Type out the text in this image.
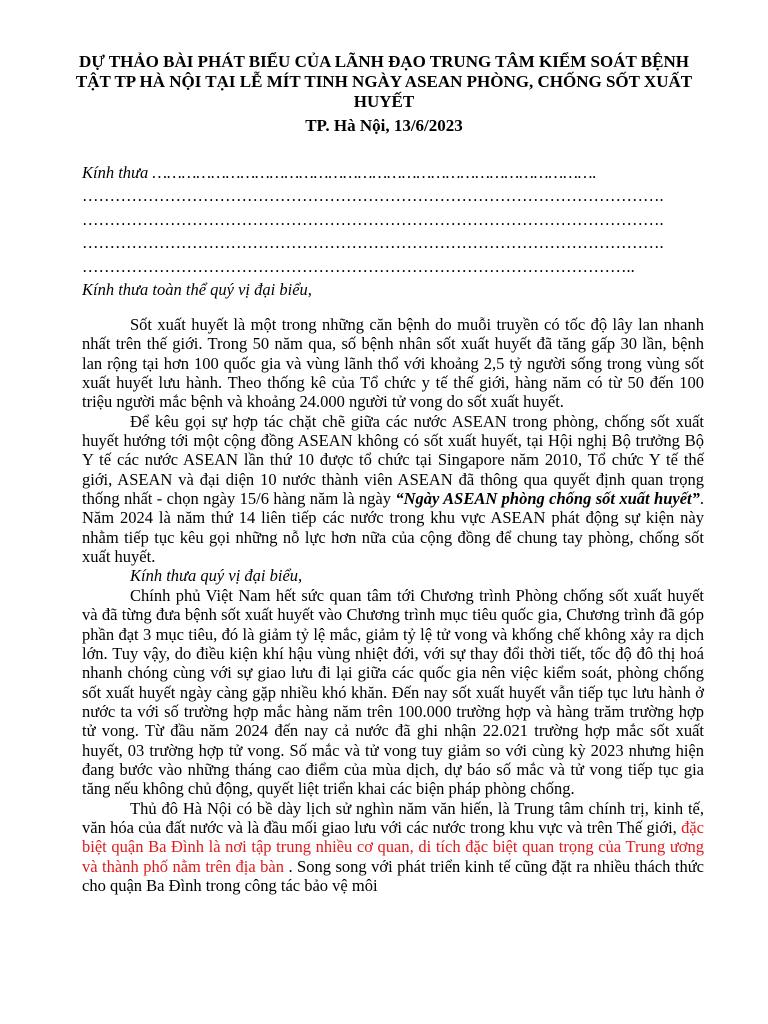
DỰ THẢO BÀI PHÁT BIỂU CỦA LÃNH ĐẠO TRUNG TÂM KIỂM SOÁT BỆNH TẬT TP HÀ NỘI TẠI LỄ MÍT TINH NGÀY ASEAN PHÒNG, CHỐNG SỐT XUẤT HUYẾT
TP. Hà Nội, 13/6/2023
Kính thưa ……………………………………………………………………………….
…………………………………………………………………………………………….
…………………………………………………………………………………………….
…………………………………………………………………………………………….
………………………………………………………………………………………..
Kính thưa toàn thể quý vị đại biểu,

Sốt xuất huyết là một trong những căn bệnh do muỗi truyền có tốc độ lây lan nhanh nhất trên thế giới. Trong 50 năm qua, số bệnh nhân sốt xuất huyết đã tăng gấp 30 lần, bệnh lan rộng tại hơn 100 quốc gia và vùng lãnh thổ với khoảng 2,5 tỷ người sống trong vùng sốt xuất huyết lưu hành. Theo thống kê của Tổ chức y tế thế giới, hàng năm có từ 50 đến 100 triệu người mắc bệnh và khoảng 24.000 người tử vong do sốt xuất huyết.

Để kêu gọi sự hợp tác chặt chẽ giữa các nước ASEAN trong phòng, chống sốt xuất huyết hướng tới một cộng đồng ASEAN không có sốt xuất huyết, tại Hội nghị Bộ trưởng Bộ Y tế các nước ASEAN lần thứ 10 được tổ chức tại Singapore năm 2010, Tổ chức Y tế thế giới, ASEAN và đại diện 10 nước thành viên ASEAN đã thông qua quyết định quan trọng thống nhất - chọn ngày 15/6 hàng năm là ngày “Ngày ASEAN phòng chống sốt xuất huyết”. Năm 2024 là năm thứ 14 liên tiếp các nước trong khu vực ASEAN phát động sự kiện này nhằm tiếp tục kêu gọi những nỗ lực hơn nữa của cộng đồng để chung tay phòng, chống sốt xuất huyết.

Kính thưa quý vị đại biểu,

Chính phủ Việt Nam hết sức quan tâm tới Chương trình Phòng chống sốt xuất huyết và đã từng đưa bệnh sốt xuất huyết vào Chương trình mục tiêu quốc gia, Chương trình đã góp phần đạt 3 mục tiêu, đó là giảm tỷ lệ mắc, giảm tỷ lệ tử vong và khống chế không xảy ra dịch lớn. Tuy vậy, do điều kiện khí hậu vùng nhiệt đới, với sự thay đổi thời tiết, tốc độ đô thị hoá nhanh chóng cùng với sự giao lưu đi lại giữa các quốc gia nên việc kiểm soát, phòng chống sốt xuất huyết ngày càng gặp nhiều khó khăn. Đến nay sốt xuất huyết vẫn tiếp tục lưu hành ở nước ta với số trường hợp mắc hàng năm trên 100.000 trường hợp và hàng trăm trường hợp tử vong. Từ đầu năm 2024 đến nay cả nước đã ghi nhận 22.021 trường hợp mắc sốt xuất huyết, 03 trường hợp tử vong. Số mắc và tử vong tuy giảm so với cùng kỳ 2023 nhưng hiện đang bước vào những tháng cao điểm của mùa dịch, dự báo số mắc và tử vong tiếp tục gia tăng nếu không chủ động, quyết liệt triển khai các biện pháp phòng chống.

Thủ đô Hà Nội có bề dày lịch sử nghìn năm văn hiến, là Trung tâm chính trị, kinh tế, văn hóa của đất nước và là đầu mối giao lưu với các nước trong khu vực và trên Thế giới, đặc biệt quận Ba Đình là nơi tập trung nhiều cơ quan, di tích đặc biệt quan trọng của Trung ương và thành phố nằm trên địa bàn . Song song với phát triển kinh tế cũng đặt ra nhiều thách thức cho quận Ba Đình trong công tác bảo vệ môi
